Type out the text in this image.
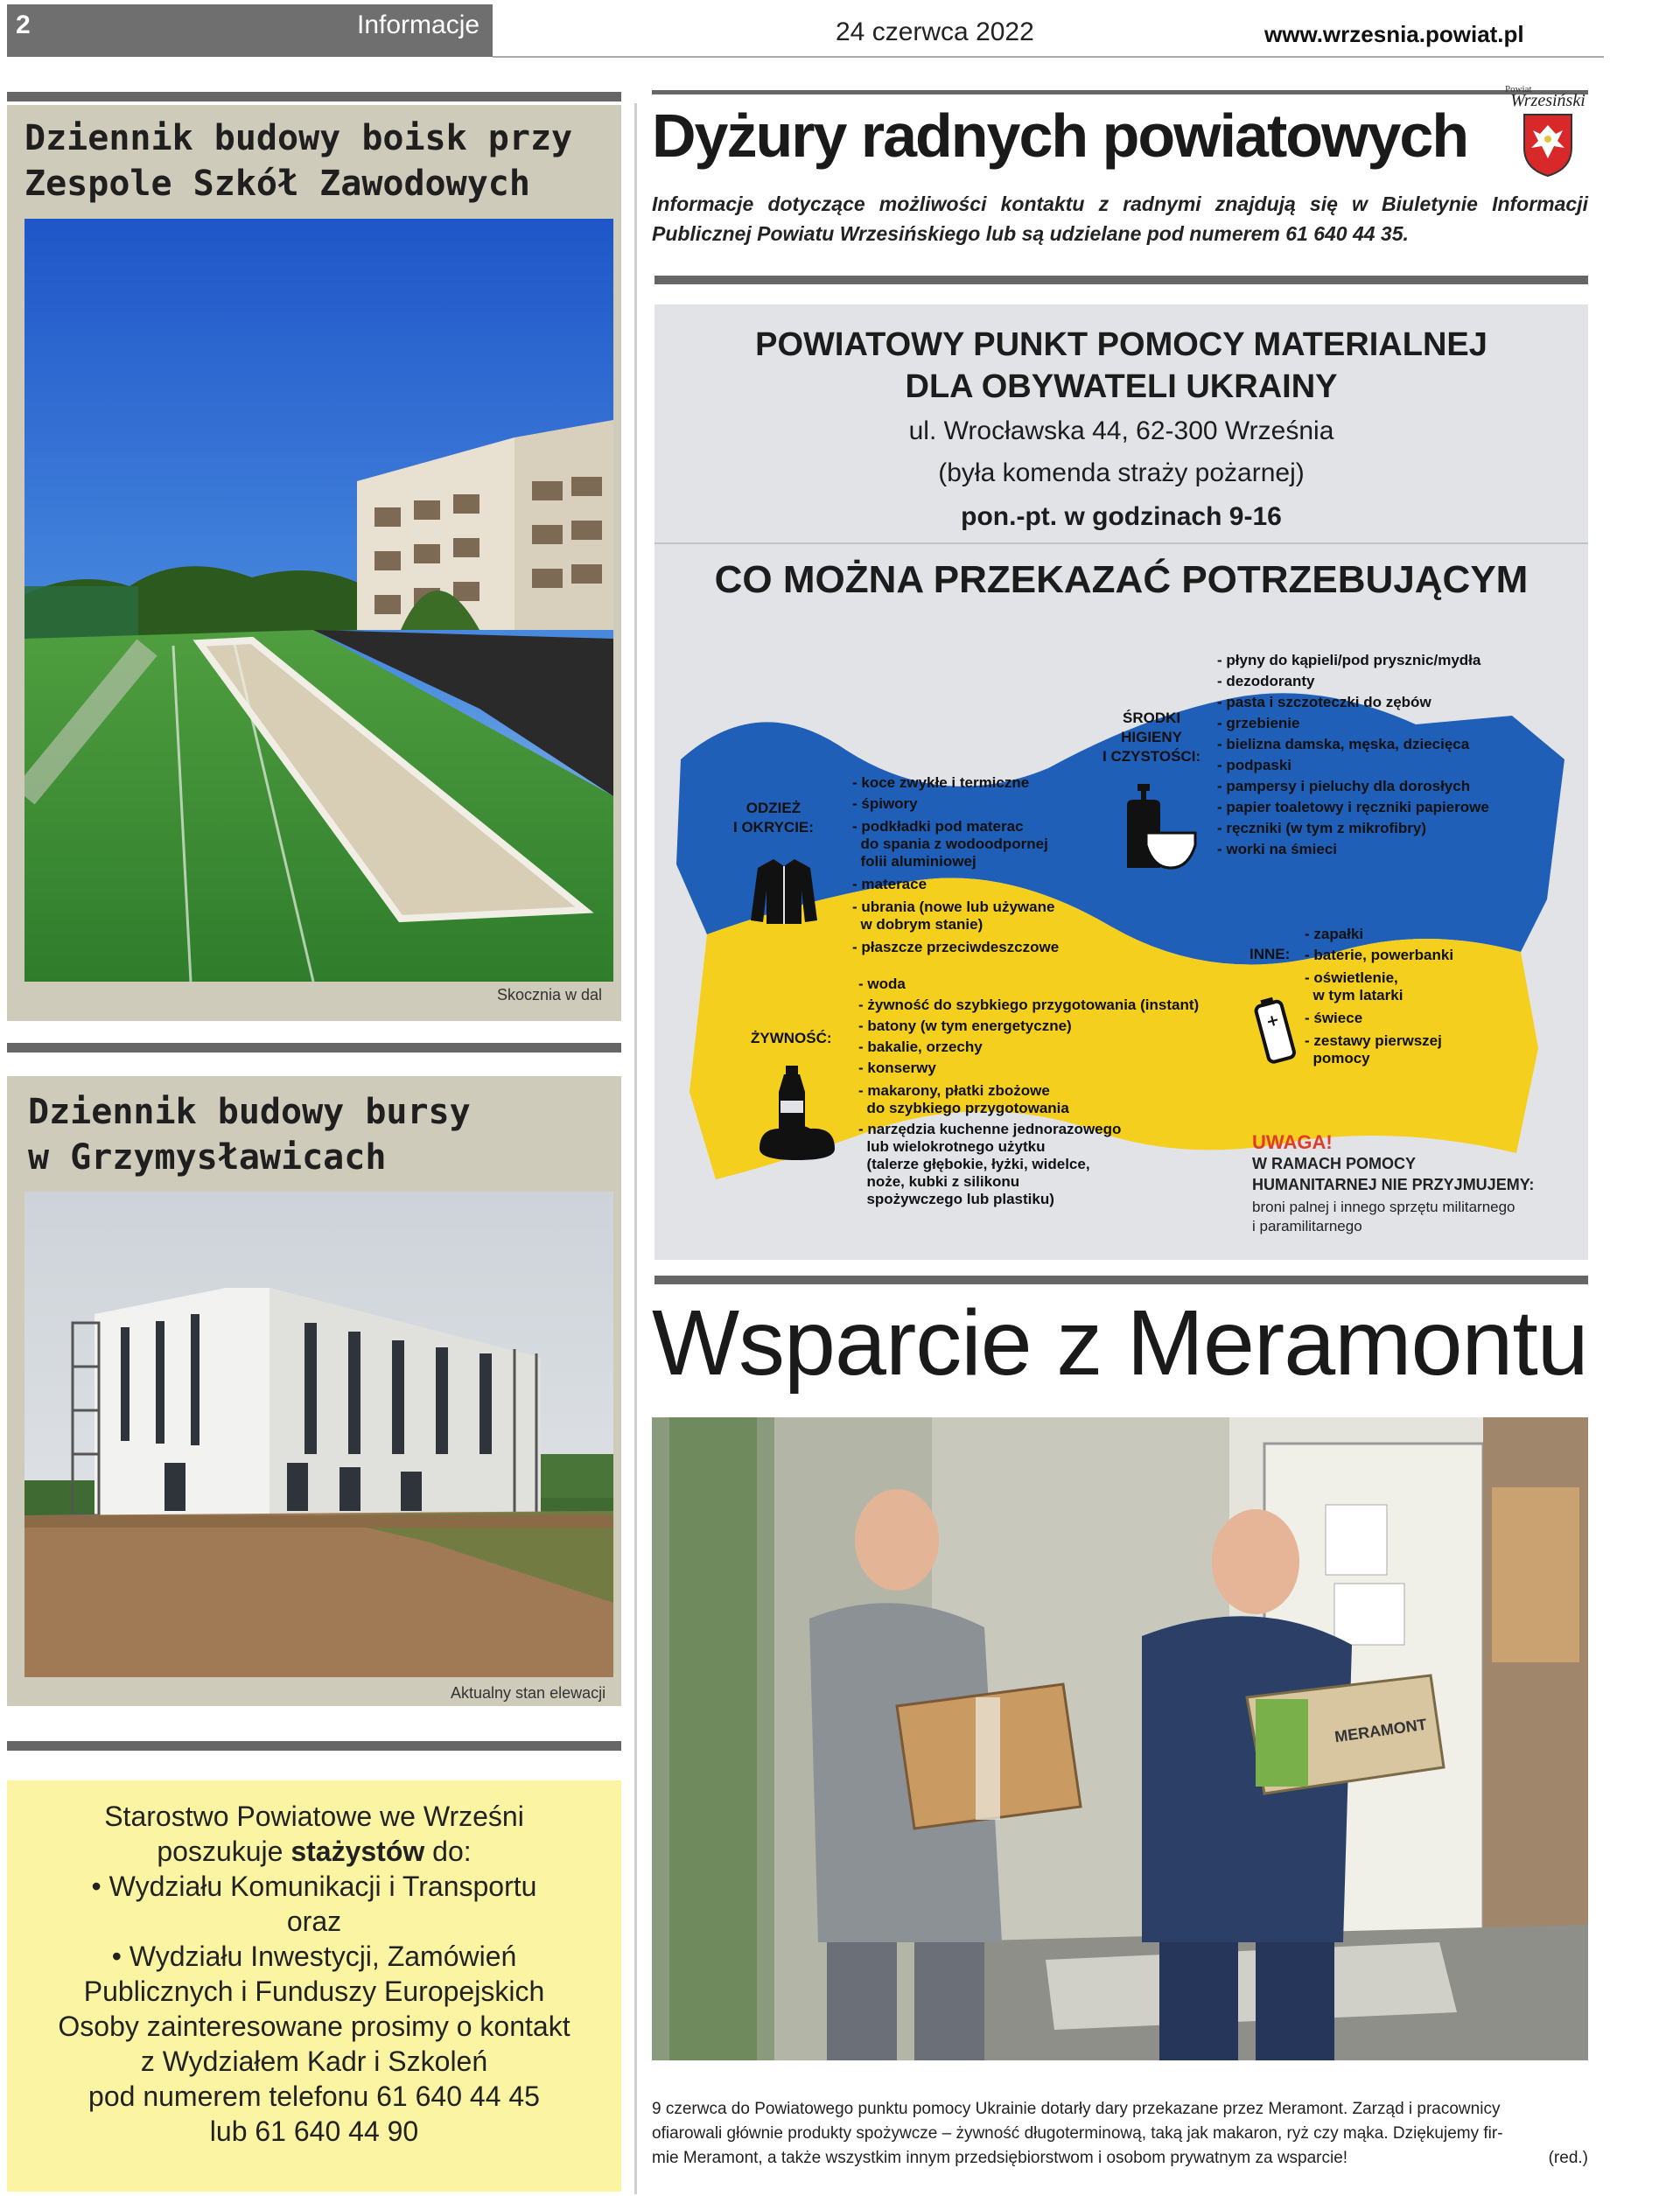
2	Informacje	24 czerwca 2022	www.wrzesnia.powiat.pl
Dziennik budowy boisk przy
Zespole Szkół Zawodowych
Skocznia w dal
Dziennik budowy bursy
w Grzymysławicach
Aktualny stan elewacji
Starostwo Powiatowe we Wrześni
poszukuje stażystów do:
• Wydziału Komunikacji i Transportu
oraz
• Wydziału Inwestycji, Zamówień
Publicznych i Funduszy Europejskich
Osoby zainteresowane prosimy o kontakt
z Wydziałem Kadr i Szkoleń
pod numerem telefonu 61 640 44 45
lub 61 640 44 90
Dyżury radnych powiatowych
Powiat
Wrzesiński
Informacje dotyczące możliwości kontaktu z radnymi znajdują się w Biuletynie Informacji Publicznej Powiatu Wrzesińskiego lub są udzielane pod numerem 61 640 44 35.
POWIATOWY PUNKT POMOCY MATERIALNEJ
DLA OBYWATELI UKRAINY
ul. Wrocławska 44, 62-300 Września
(była komenda straży pożarnej)
pon.-pt. w godzinach 9-16
CO MOŻNA PRZEKAZAĆ POTRZEBUJĄCYM
ODZIEŻ
I OKRYCIE:
- koce zwykłe i termiczne
- śpiwory
- podkładki pod materac
do spania z wodoodpornej
folii aluminiowej
- materace
- ubrania (nowe lub używane
w dobrym stanie)
- płaszcze przeciwdeszczowe
ŚRODKI
HIGIENY
I CZYSTOŚCI:
- płyny do kąpieli/pod prysznic/mydła
- dezodoranty
- pasta i szczoteczki do zębów
- grzebienie
- bielizna damska, męska, dziecięca
- podpaski
- pampersy i pieluchy dla dorosłych
- papier toaletowy i ręczniki papierowe
- ręczniki (w tym z mikrofibry)
- worki na śmieci
ŻYWNOŚĆ:
- woda
- żywność do szybkiego przygotowania (instant)
- batony (w tym energetyczne)
- bakalie, orzechy
- konserwy
- makarony, płatki zbożowe
do szybkiego przygotowania
- narzędzia kuchenne jednorazowego
lub wielokrotnego użytku
(talerze głębokie, łyżki, widelce,
noże, kubki z silikonu
spożywczego lub plastiku)
INNE:
+
- zapałki
- baterie, powerbanki
- oświetlenie,
w tym latarki
- świece
- zestawy pierwszej
pomocy
UWAGA!
W RAMACH POMOCY
HUMANITARNEJ NIE PRZYJMUJEMY:
broni palnej i innego sprzętu militarnego
i paramilitarnego
Wsparcie z Meramontu
MERAMONT
9 czerwca do Powiatowego punktu pomocy Ukrainie dotarły dary przekazane przez Meramont. Zarząd i pracownicy
ofiarowali głównie produkty spożywcze – żywność długoterminową, taką jak makaron, ryż czy mąka. Dziękujemy fir-
mie Meramont, a także wszystkim innym przedsiębiorstwom i osobom prywatnym za wsparcie!	(red.)
